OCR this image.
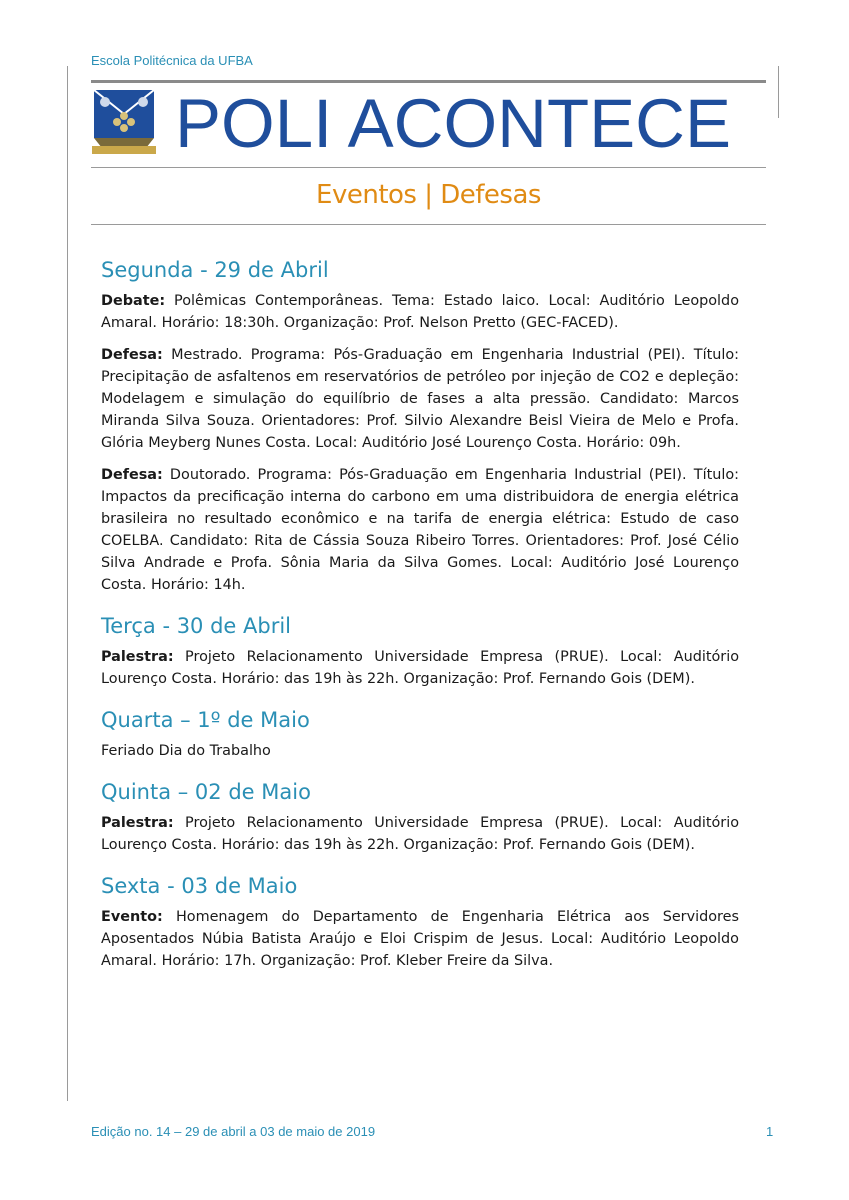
Escola Politécnica da UFBA
POLI ACONTECE
Eventos | Defesas
Segunda - 29 de Abril

Debate: Polêmicas Contemporâneas. Tema: Estado laico. Local: Auditório Leopoldo Amaral. Horário: 18:30h. Organização: Prof. Nelson Pretto (GEC-FACED).

Defesa: Mestrado. Programa: Pós-Graduação em Engenharia Industrial (PEI). Título: Precipitação de asfaltenos em reservatórios de petróleo por injeção de CO2 e depleção: Modelagem e simulação do equilíbrio de fases a alta pressão. Candidato: Marcos Miranda Silva Souza. Orientadores: Prof. Silvio Alexandre Beisl Vieira de Melo e Profa. Glória Meyberg Nunes Costa. Local: Auditório José Lourenço Costa. Horário: 09h.

Defesa: Doutorado. Programa: Pós-Graduação em Engenharia Industrial (PEI). Título: Impactos da precificação interna do carbono em uma distribuidora de energia elétrica brasileira no resultado econômico e na tarifa de energia elétrica: Estudo de caso COELBA. Candidato: Rita de Cássia Souza Ribeiro Torres. Orientadores: Prof. José Célio Silva Andrade e Profa. Sônia Maria da Silva Gomes. Local: Auditório José Lourenço Costa. Horário: 14h.

Terça - 30 de Abril

Palestra: Projeto Relacionamento Universidade Empresa (PRUE). Local: Auditório Lourenço Costa. Horário: das 19h às 22h. Organização: Prof. Fernando Gois (DEM).

Quarta – 1º de Maio

Feriado Dia do Trabalho

Quinta – 02 de Maio

Palestra: Projeto Relacionamento Universidade Empresa (PRUE). Local: Auditório Lourenço Costa. Horário: das 19h às 22h. Organização: Prof. Fernando Gois (DEM).

Sexta - 03 de Maio

Evento: Homenagem do Departamento de Engenharia Elétrica aos Servidores Aposentados Núbia Batista Araújo e Eloi Crispim de Jesus. Local: Auditório Leopoldo Amaral. Horário: 17h. Organização: Prof. Kleber Freire da Silva.

Edição no. 14 – 29 de abril a 03 de maio de 2019	1
